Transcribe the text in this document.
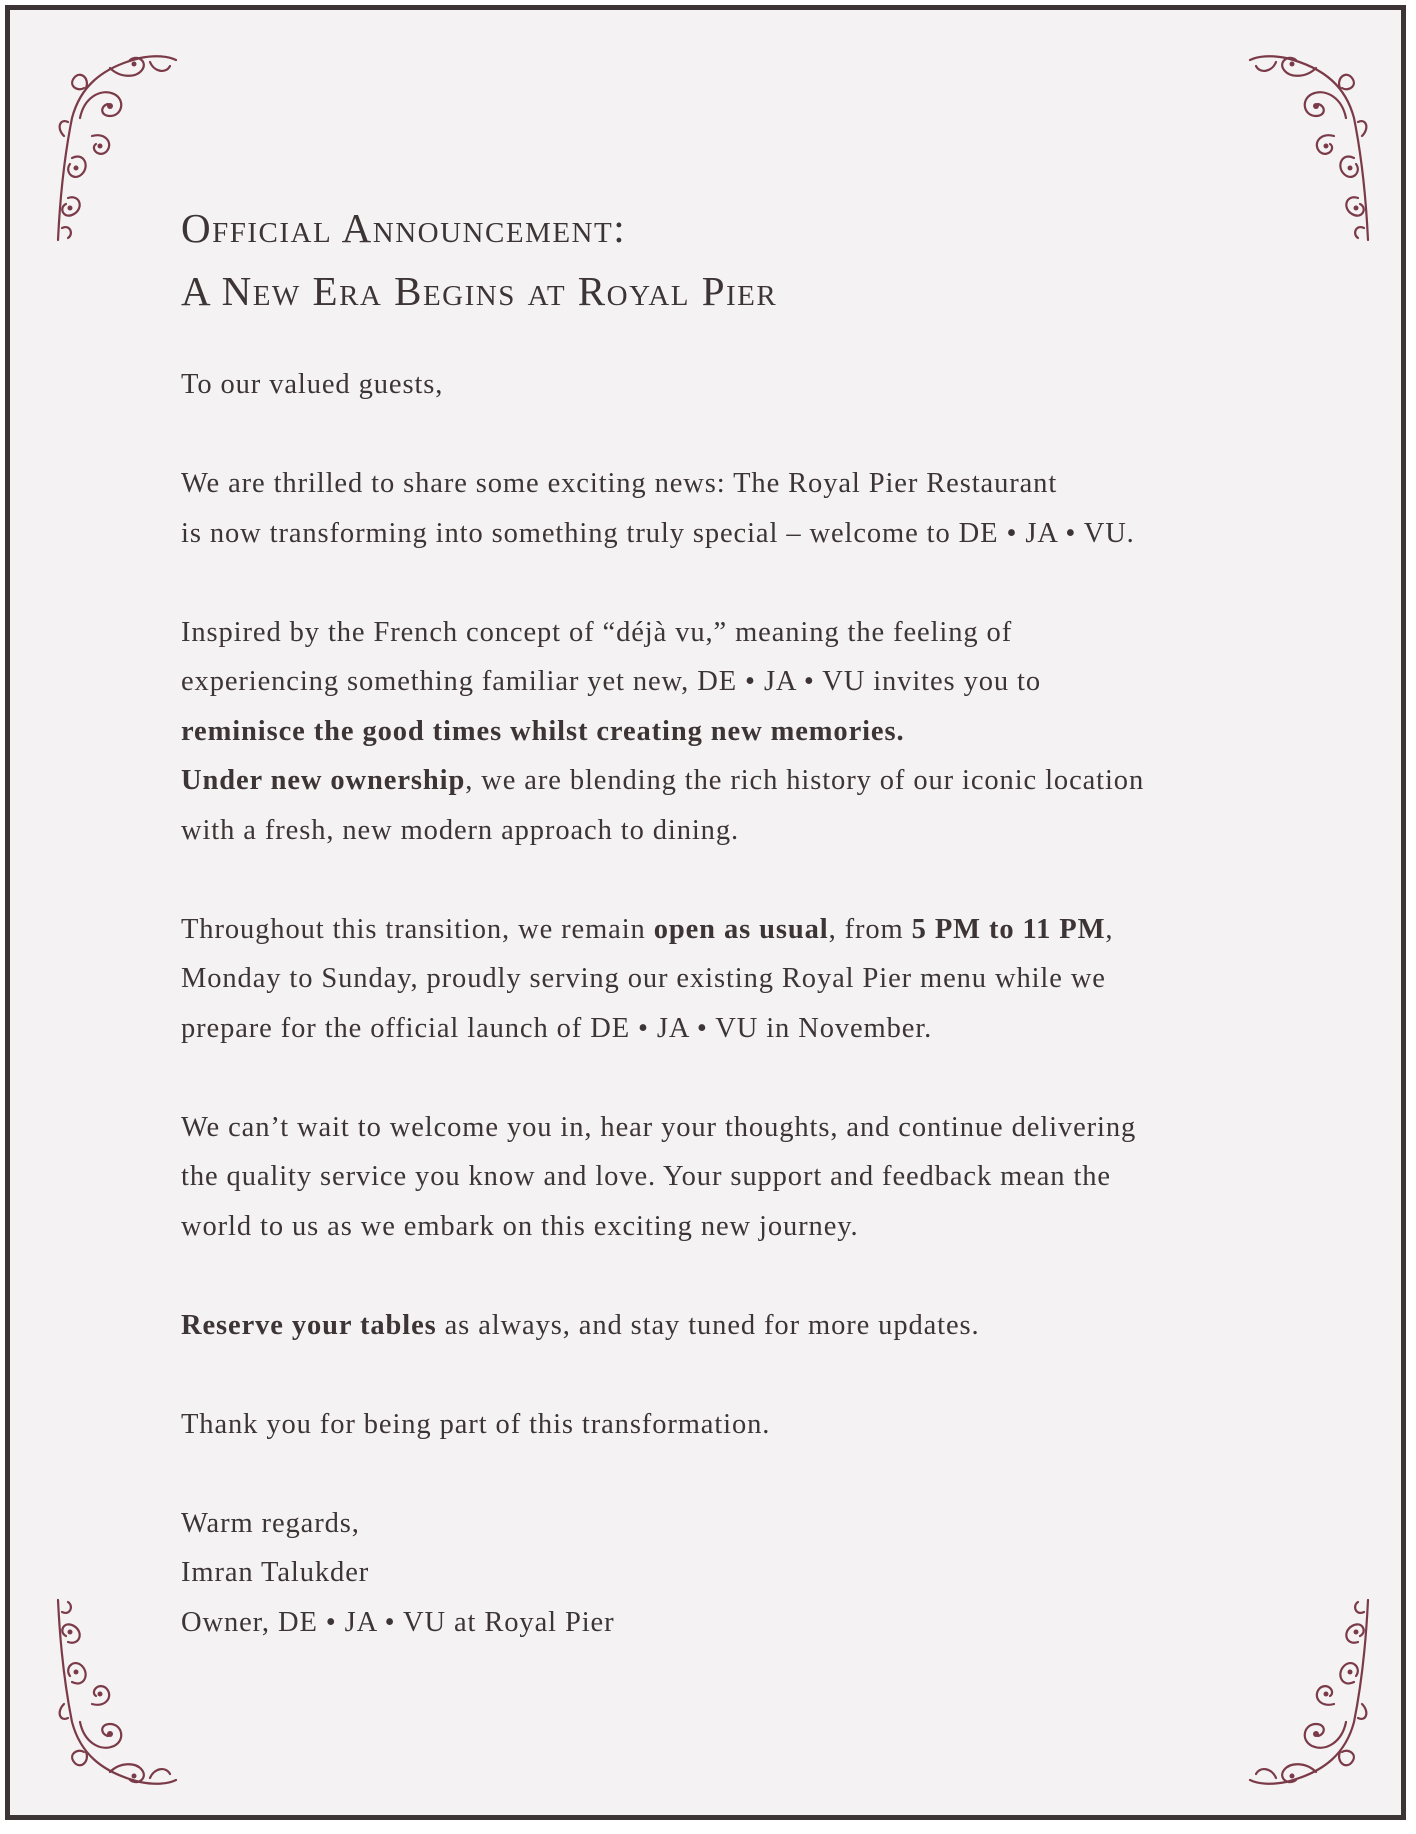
Official Announcement:
A New Era Begins at Royal Pier
To our valued guests,
We are thrilled to share some exciting news: The Royal Pier Restaurant
is now transforming into something truly special – welcome to DE • JA • VU.
Inspired by the French concept of “déjà vu,” meaning the feeling of
experiencing something familiar yet new, DE • JA • VU invites you to
reminisce the good times whilst creating new memories.
Under new ownership, we are blending the rich history of our iconic location
with a fresh, new modern approach to dining.
Throughout this transition, we remain open as usual, from 5 PM to 11 PM,
Monday to Sunday, proudly serving our existing Royal Pier menu while we
prepare for the official launch of DE • JA • VU in November.
We can’t wait to welcome you in, hear your thoughts, and continue delivering
the quality service you know and love. Your support and feedback mean the
world to us as we embark on this exciting new journey.
Reserve your tables as always, and stay tuned for more updates.
Thank you for being part of this transformation.
Warm regards,
Imran Talukder
Owner, DE • JA • VU at Royal Pier
